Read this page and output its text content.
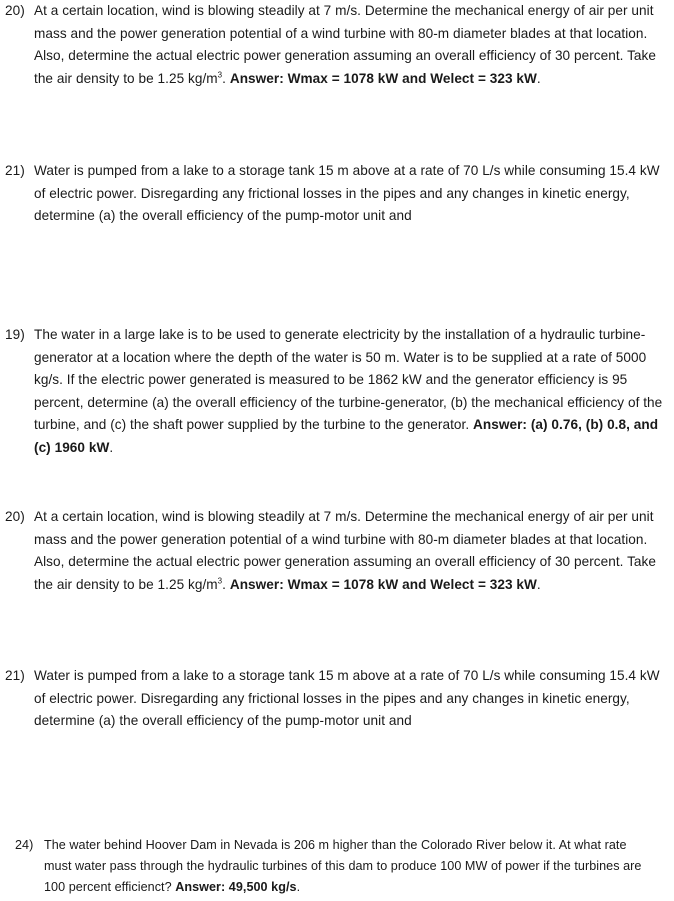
20) At a certain location, wind is blowing steadily at 7 m/s. Determine the mechanical energy of air per unit mass and the power generation potential of a wind turbine with 80-m diameter blades at that location. Also, determine the actual electric power generation assuming an overall efficiency of 30 percent. Take the air density to be 1.25 $kg/m^3$. Answer: Wmax = 1078 kW and Welect = 323 kW.
21) Water is pumped from a lake to a storage tank 15 m above at a rate of 70 L/s while consuming 15.4 kW of electric power. Disregarding any frictional losses in the pipes and any changes in kinetic energy, determine (a) the overall efficiency of the pump-motor unit and
19) The water in a large lake is to be used to generate electricity by the installation of a hydraulic turbine-generator at a location where the depth of the water is 50 m. Water is to be supplied at a rate of 5000 kg/s. If the electric power generated is measured to be 1862 kW and the generator efficiency is 95 percent, determine (a) the overall efficiency of the turbine-generator, (b) the mechanical efficiency of the turbine, and (c) the shaft power supplied by the turbine to the generator. Answer: (a) 0.76, (b) 0.8, and (c) 1960 kW.
20) At a certain location, wind is blowing steadily at 7 m/s. Determine the mechanical energy of air per unit mass and the power generation potential of a wind turbine with 80-m diameter blades at that location. Also, determine the actual electric power generation assuming an overall efficiency of 30 percent. Take the air density to be 1.25 $kg/m^3$. Answer: Wmax = 1078 kW and Welect = 323 kW.
21) Water is pumped from a lake to a storage tank 15 m above at a rate of 70 L/s while consuming 15.4 kW of electric power. Disregarding any frictional losses in the pipes and any changes in kinetic energy, determine (a) the overall efficiency of the pump-motor unit and
24) The water behind Hoover Dam in Nevada is 206 m higher than the Colorado River below it. At what rate must water pass through the hydraulic turbines of this dam to produce 100 MW of power if the turbines are 100 percent efficienct? Answer: 49,500 kg/s.
